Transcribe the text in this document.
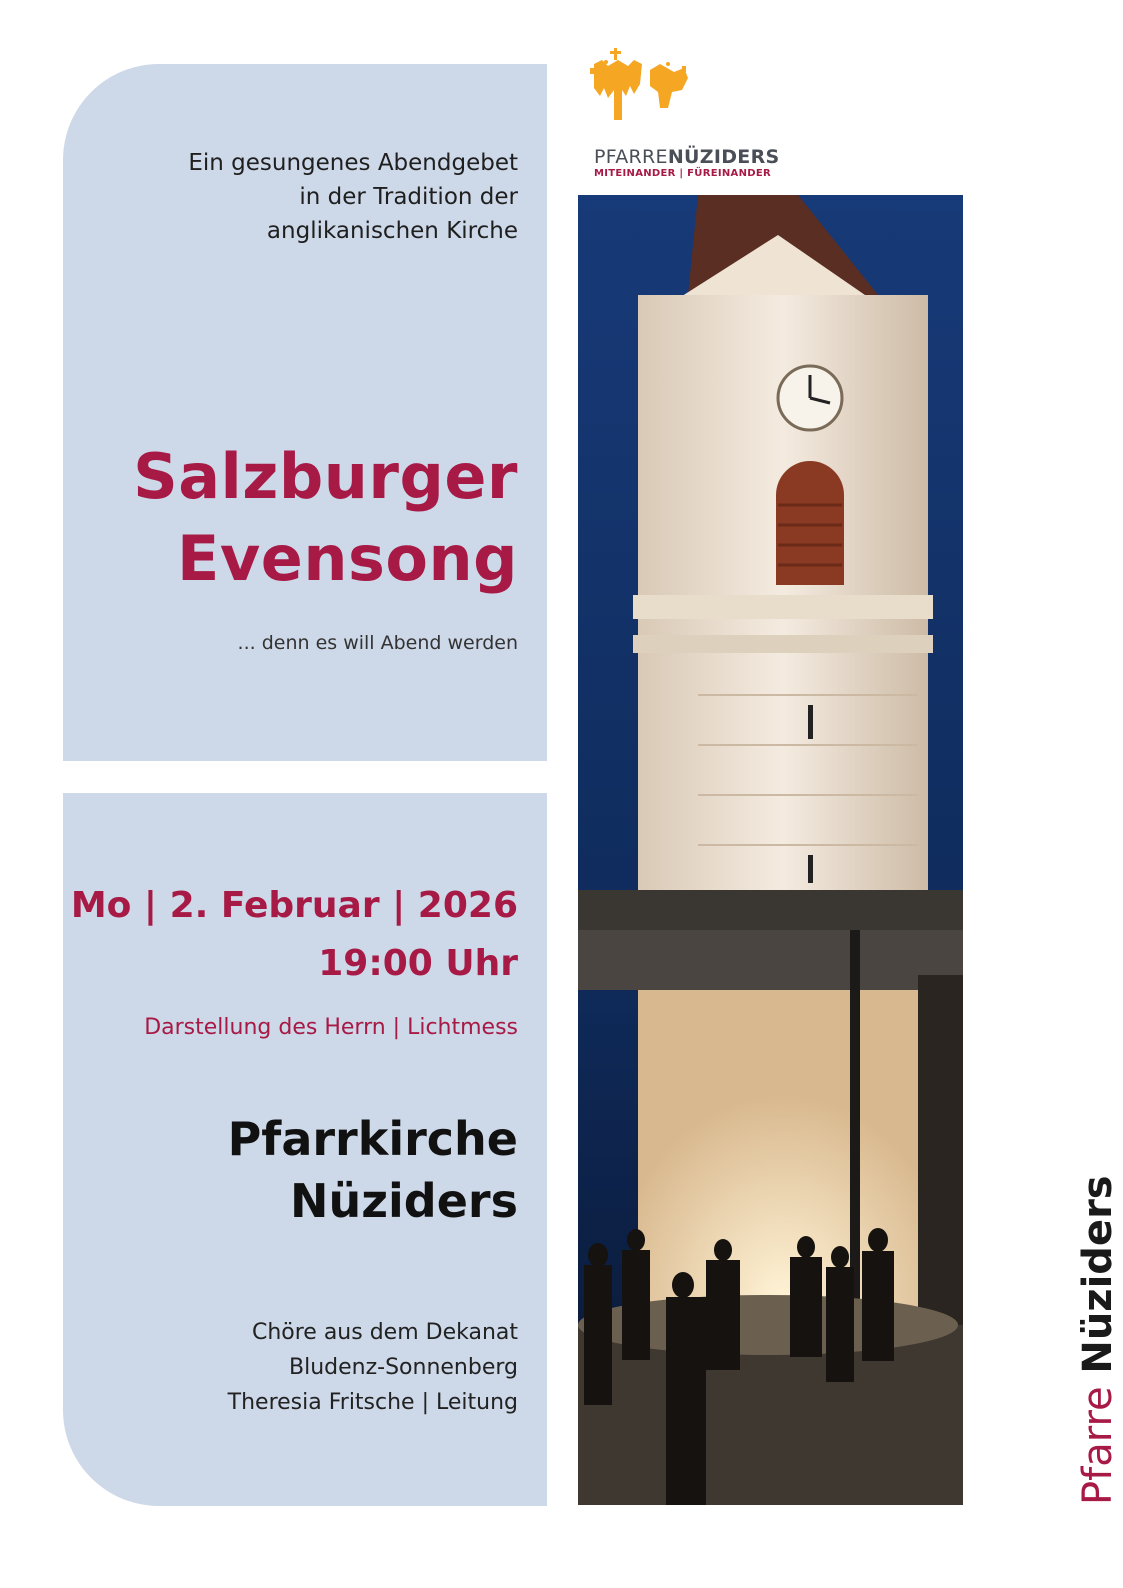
Ein gesungenes Abendgebet
in der Tradition der
anglikanischen Kirche
Salzburger
Evensong
... denn es will Abend werden
Mo | 2. Februar | 2026
19:00 Uhr
Darstellung des Herrn | Lichtmess
Pfarrkirche
Nüziders
Chöre aus dem Dekanat
Bludenz-Sonnenberg
Theresia Fritsche | Leitung
PFARRENÜZIDERS
MITEINANDER | FÜREINANDER
Pfarre Nüziders
